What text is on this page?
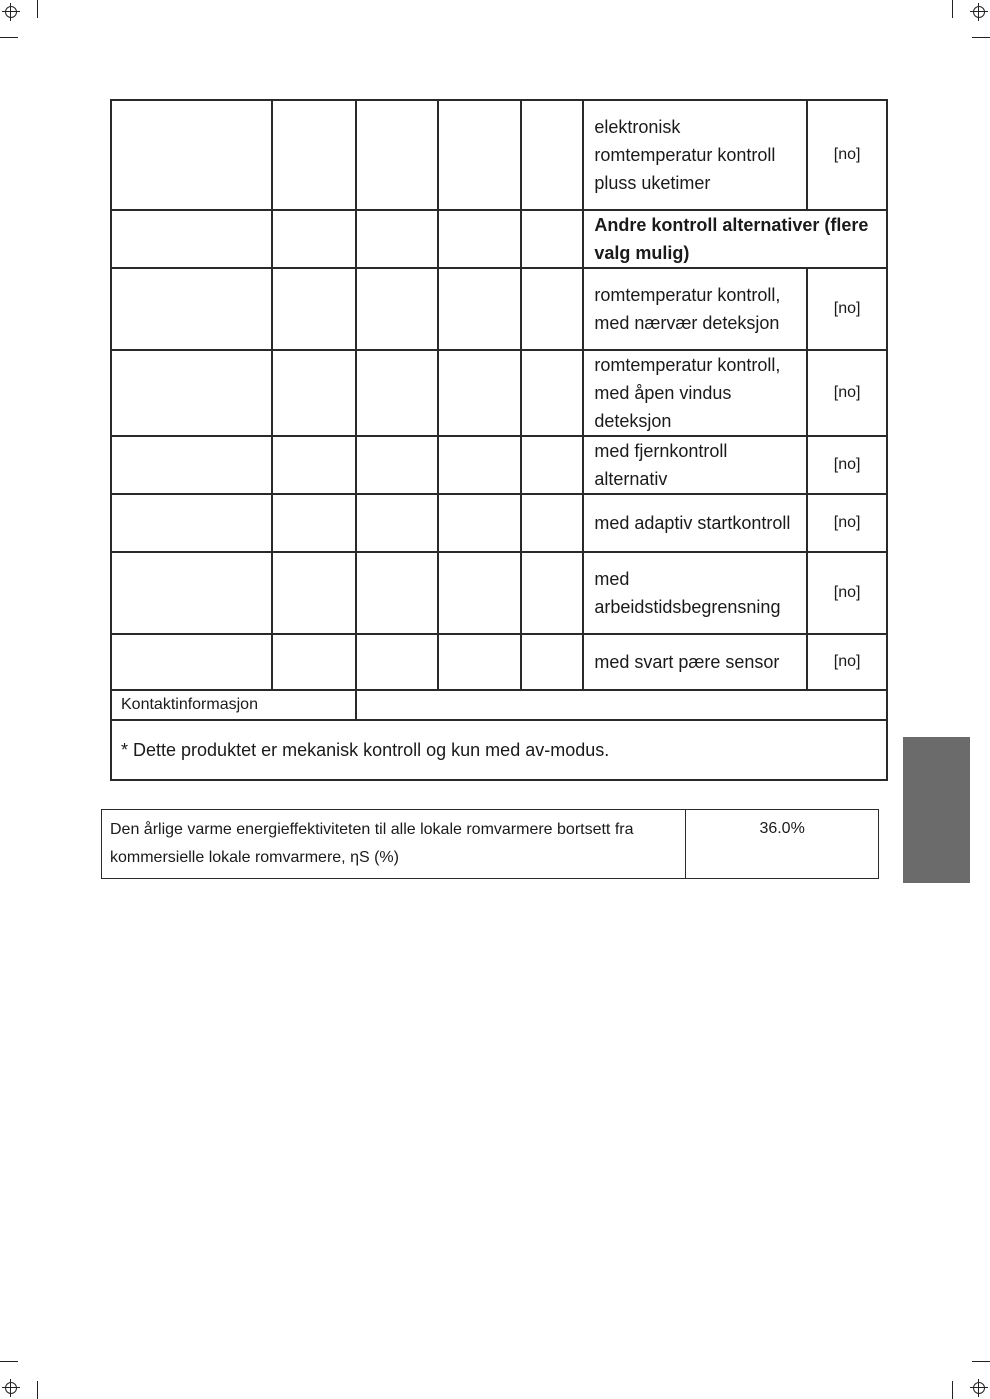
					elektronisk romtemperatur kontroll pluss uketimer	[no]
					Andre kontroll alternativer (flere valg mulig)	
					romtemperatur kontroll, med nærvær deteksjon	[no]
					romtemperatur kontroll, med åpen vindus deteksjon	[no]
					med fjernkontroll alternativ	[no]
					med adaptiv startkontroll	[no]
					med arbeidstidsbegrensning	[no]
					med svart pære sensor	[no]
Kontaktinformasjon						
* Dette produktet er mekanisk kontroll og kun med av-modus.						
Den årlige varme energieffektiviteten til alle lokale romvarmere bortsett fra kommersielle lokale romvarmere, ηS (%)	36.0%
